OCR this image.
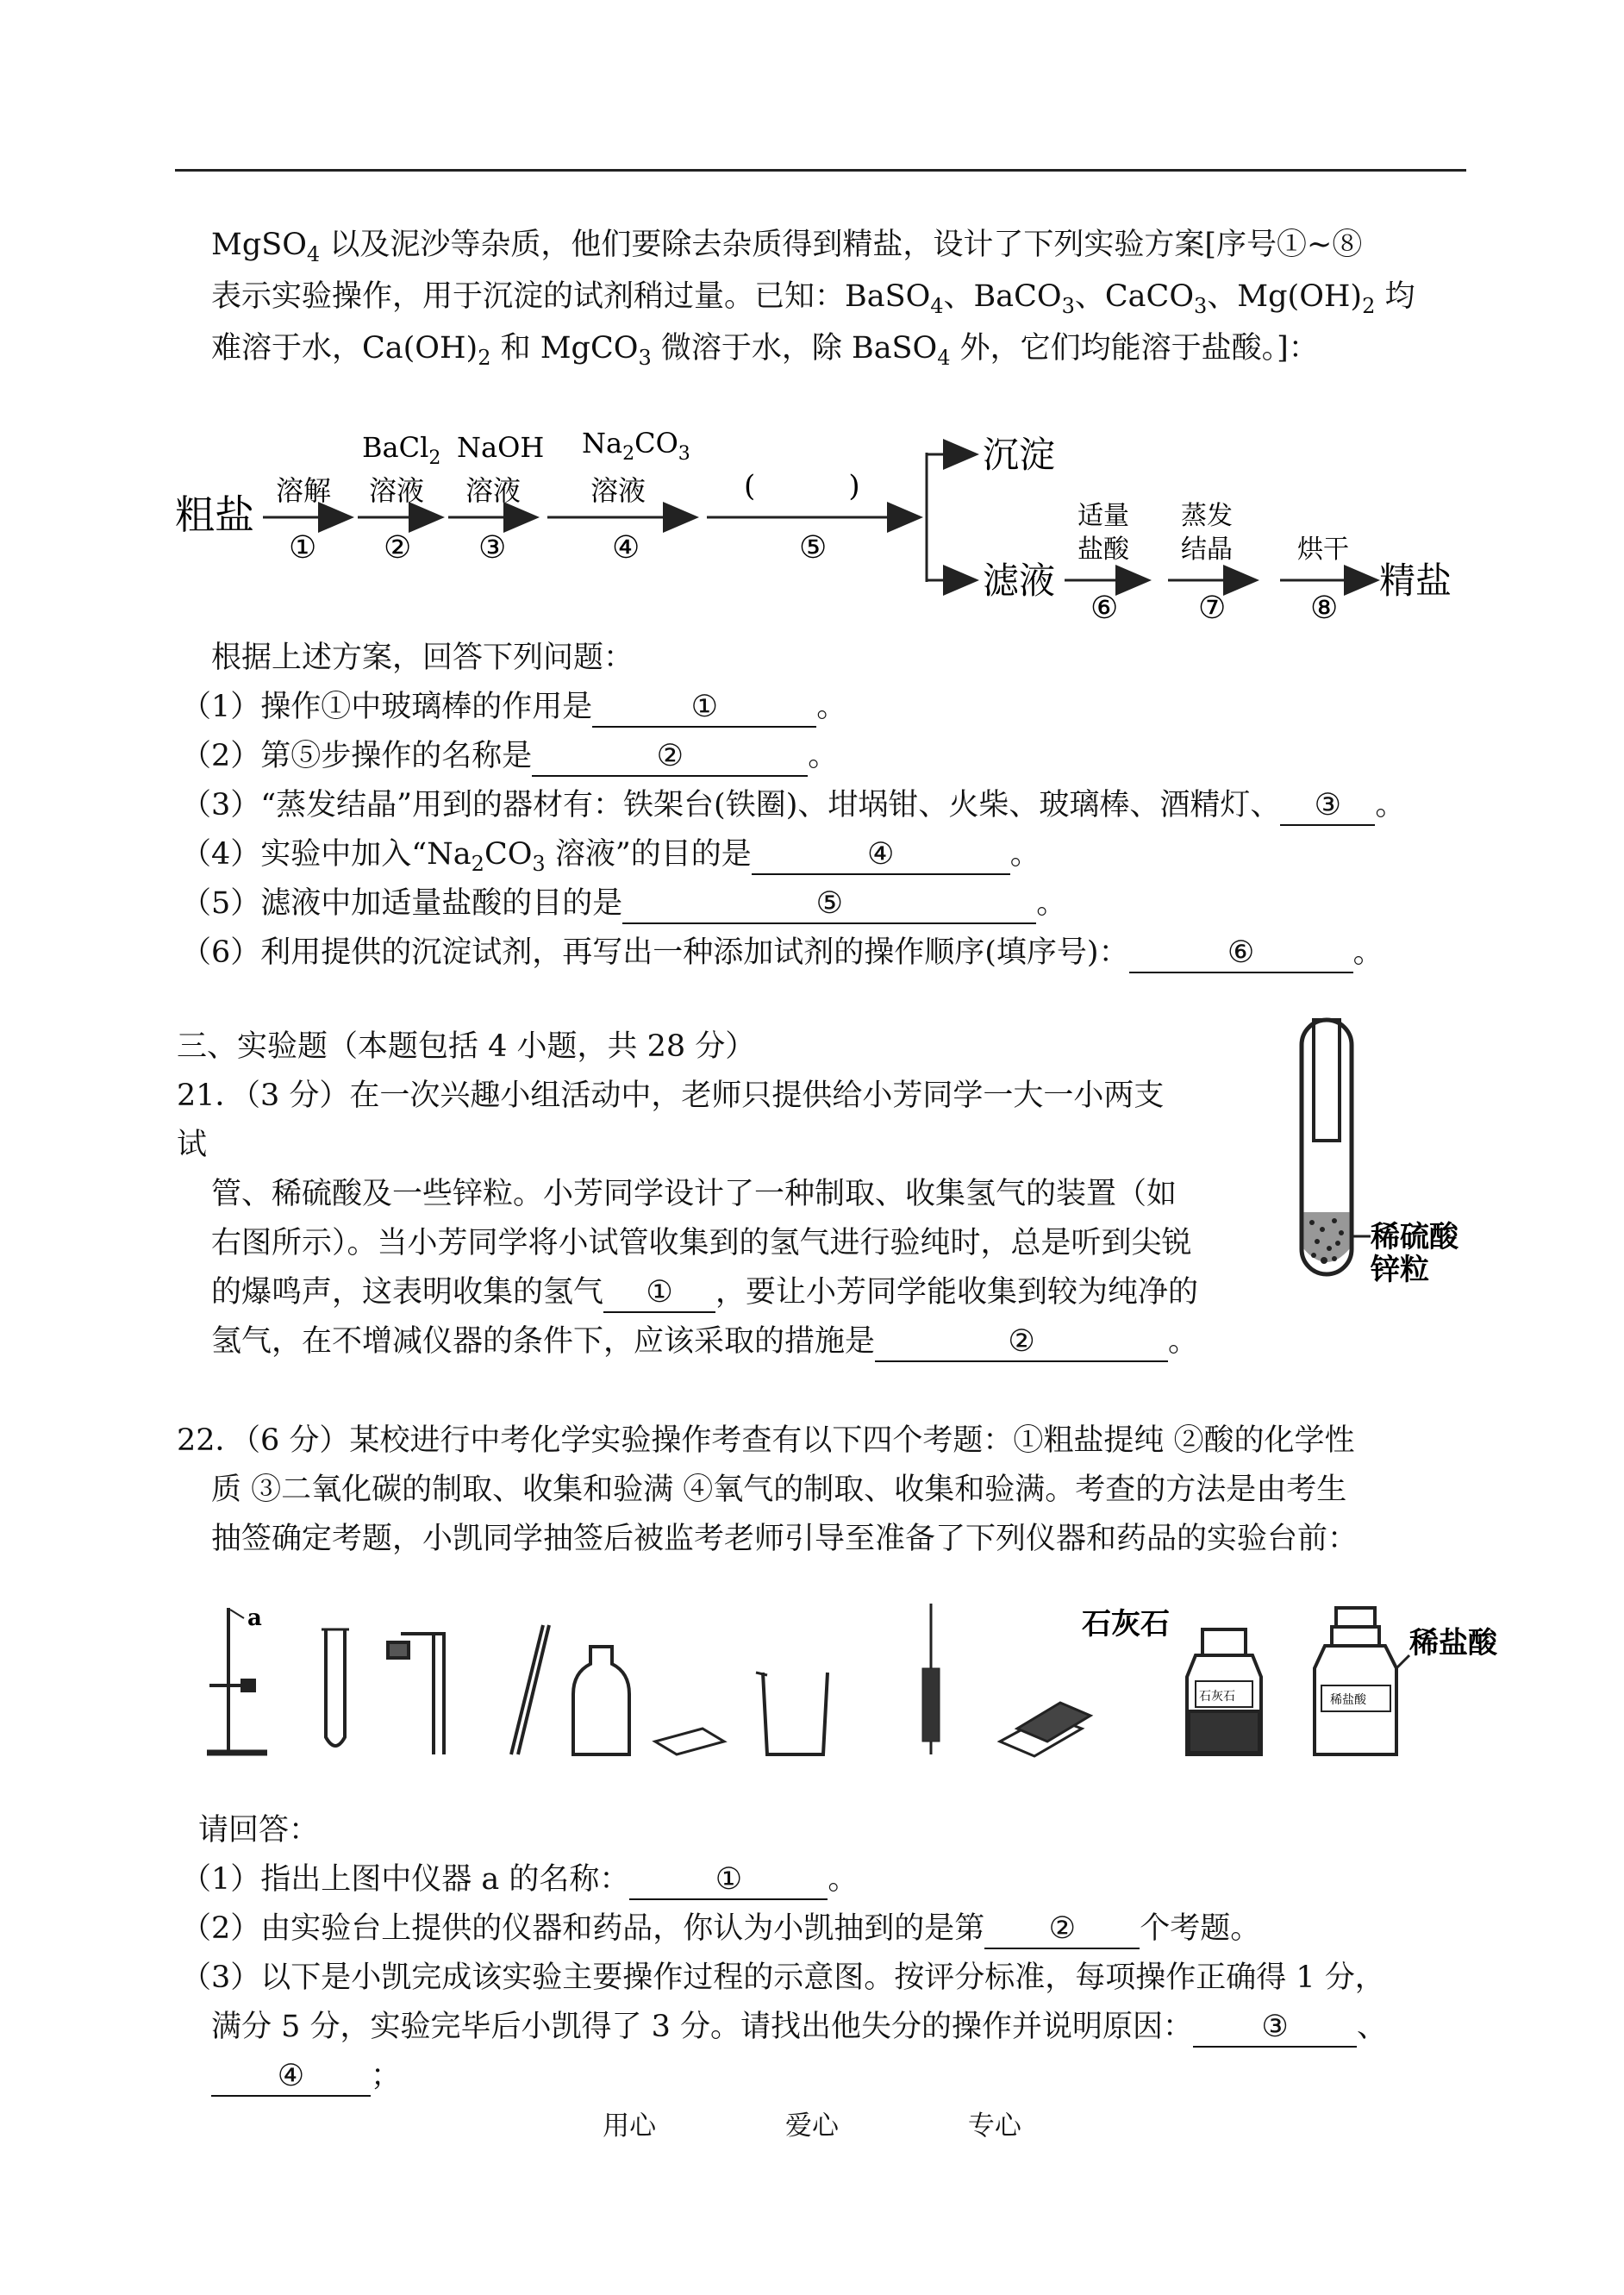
MgSO$_4$ 以及泥沙等杂质，他们要除去杂质得到精盐，设计了下列实验方案[序号①~⑧
表示实验操作，用于沉淀的试剂稍过量。已知：BaSO$_4$、BaCO$_3$、CaCO$_3$、$Mg(OH)_2$ 均
难溶于水，$Ca(OH)_2$ 和 MgCO$_3$ 微溶于水，除 BaSO$_4$ 外，它们均能溶于盐酸。]：
粗盐
溶解
①
BaCl$_2$
溶液
②
NaOH
溶液
③
$Na_2CO_3$
溶液
④
(          )
⑤
沉淀
滤液
适量
盐酸
⑥
蒸发
结晶
⑦
烘干
⑧
精盐
根据上述方案，回答下列问题：
（1）操作①中玻璃棒的作用是	①	。
（2）第⑤步操作的名称是	②	。
（3）“蒸发结晶”用到的器材有：铁架台(铁圈)、坩埚钳、火柴、玻璃棒、酒精灯、 ③ 。
（4）实验中加入“$Na_2CO_3$ 溶液”的目的是	④	。
（5）滤液中加适量盐酸的目的是	⑤	。
（6）利用提供的沉淀试剂，再写出一种添加试剂的操作顺序(填序号)：	⑥	。
三、实验题（本题包括 4 小题，共 28 分）
21．（3 分）在一次兴趣小组活动中，老师只提供给小芳同学一大一小两支
试
管、稀硫酸及一些锌粒。小芳同学设计了一种制取、收集氢气的装置（如
右图所示）。当小芳同学将小试管收集到的氢气进行验纯时，总是听到尖锐
的爆鸣声，这表明收集的氢气 ① ，要让小芳同学能收集到较为纯净的
氢气，在不增减仪器的条件下，应该采取的措施是	②	。
稀硫酸
锌粒
22．（6 分）某校进行中考化学实验操作考查有以下四个考题：①粗盐提纯 ②酸的化学性
质 ③二氧化碳的制取、收集和验满 ④氧气的制取、收集和验满。考查的方法是由考生
抽签确定考题，小凯同学抽签后被监考老师引导至准备了下列仪器和药品的实验台前：
a
石灰石
石灰石
稀盐酸
稀盐酸
请回答：
（1）指出上图中仪器 a 的名称：	①	。
（2）由实验台上提供的仪器和药品，你认为小凯抽到的是第 ② 个考题。
（3）以下是小凯完成该实验主要操作过程的示意图。按评分标准，每项操作正确得 1 分，
满分 5 分，实验完毕后小凯得了 3 分。请找出他失分的操作并说明原因： ③ 、
④ ；
用心	爱心	专心
